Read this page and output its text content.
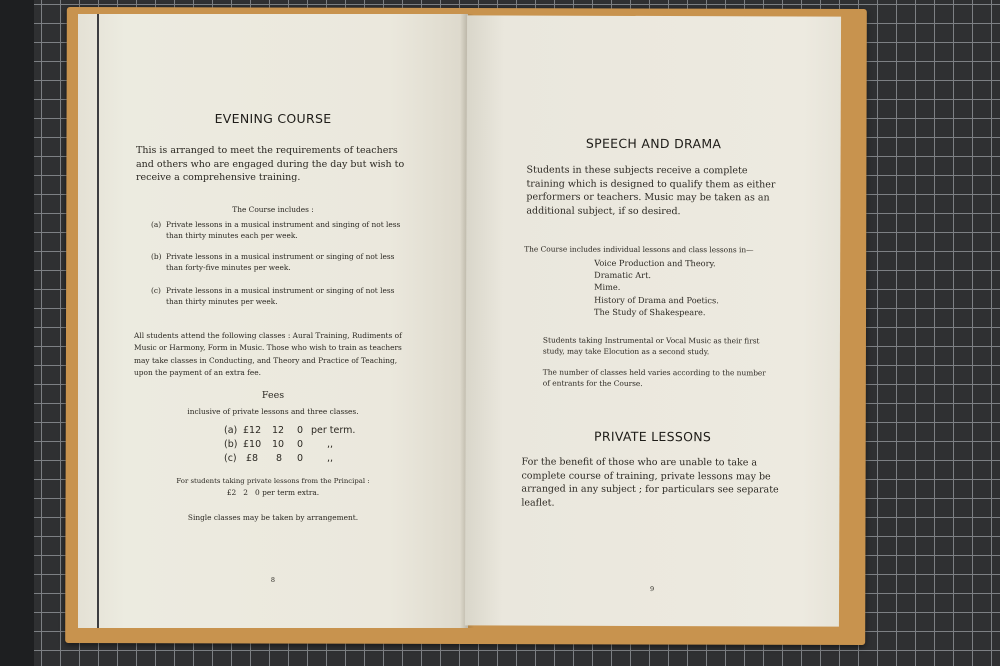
EVENING COURSE

This is arranged to meet the requirements of teachers and others who are engaged during the day but wish to receive a comprehensive training.

The Course includes :
(a) Private lessons in a musical instrument and singing of not less than thirty minutes each per week.

(b) Private lessons in a musical instrument or singing of not less than forty-five minutes per week.

(c) Private lessons in a musical instrument or singing of not less than thirty minutes per week.

All students attend the following classes : Aural Training, Rudiments of Music or Harmony, Form in Music. Those who wish to train as teachers may take classes in Conducting, and Theory and Practice of Teaching, upon the payment of an extra fee.

Fees
inclusive of private lessons and three classes.
(a) £12 12 0 per term.
(b) £10 10 0	,,
(c) £8 8 0	,,
For students taking private lessons from the Principal :
£2   2   0 per term extra.
Single classes may be taken by arrangement.
8
SPEECH AND DRAMA

Students in these subjects receive a complete training which is designed to qualify them as either performers or teachers. Music may be taken as an additional subject, if so desired.

The Course includes individual lessons and class lessons in—
Voice Production and Theory.
Dramatic Art.
Mime.
History of Drama and Poetics.
The Study of Shakespeare.

Students taking Instrumental or Vocal Music as their first study, may take Elocution as a second study.

The number of classes held varies according to the number of entrants for the Course.

PRIVATE LESSONS

For the benefit of those who are unable to take a complete course of training, private lessons may be arranged in any subject ; for particulars see separate leaflet.

9
